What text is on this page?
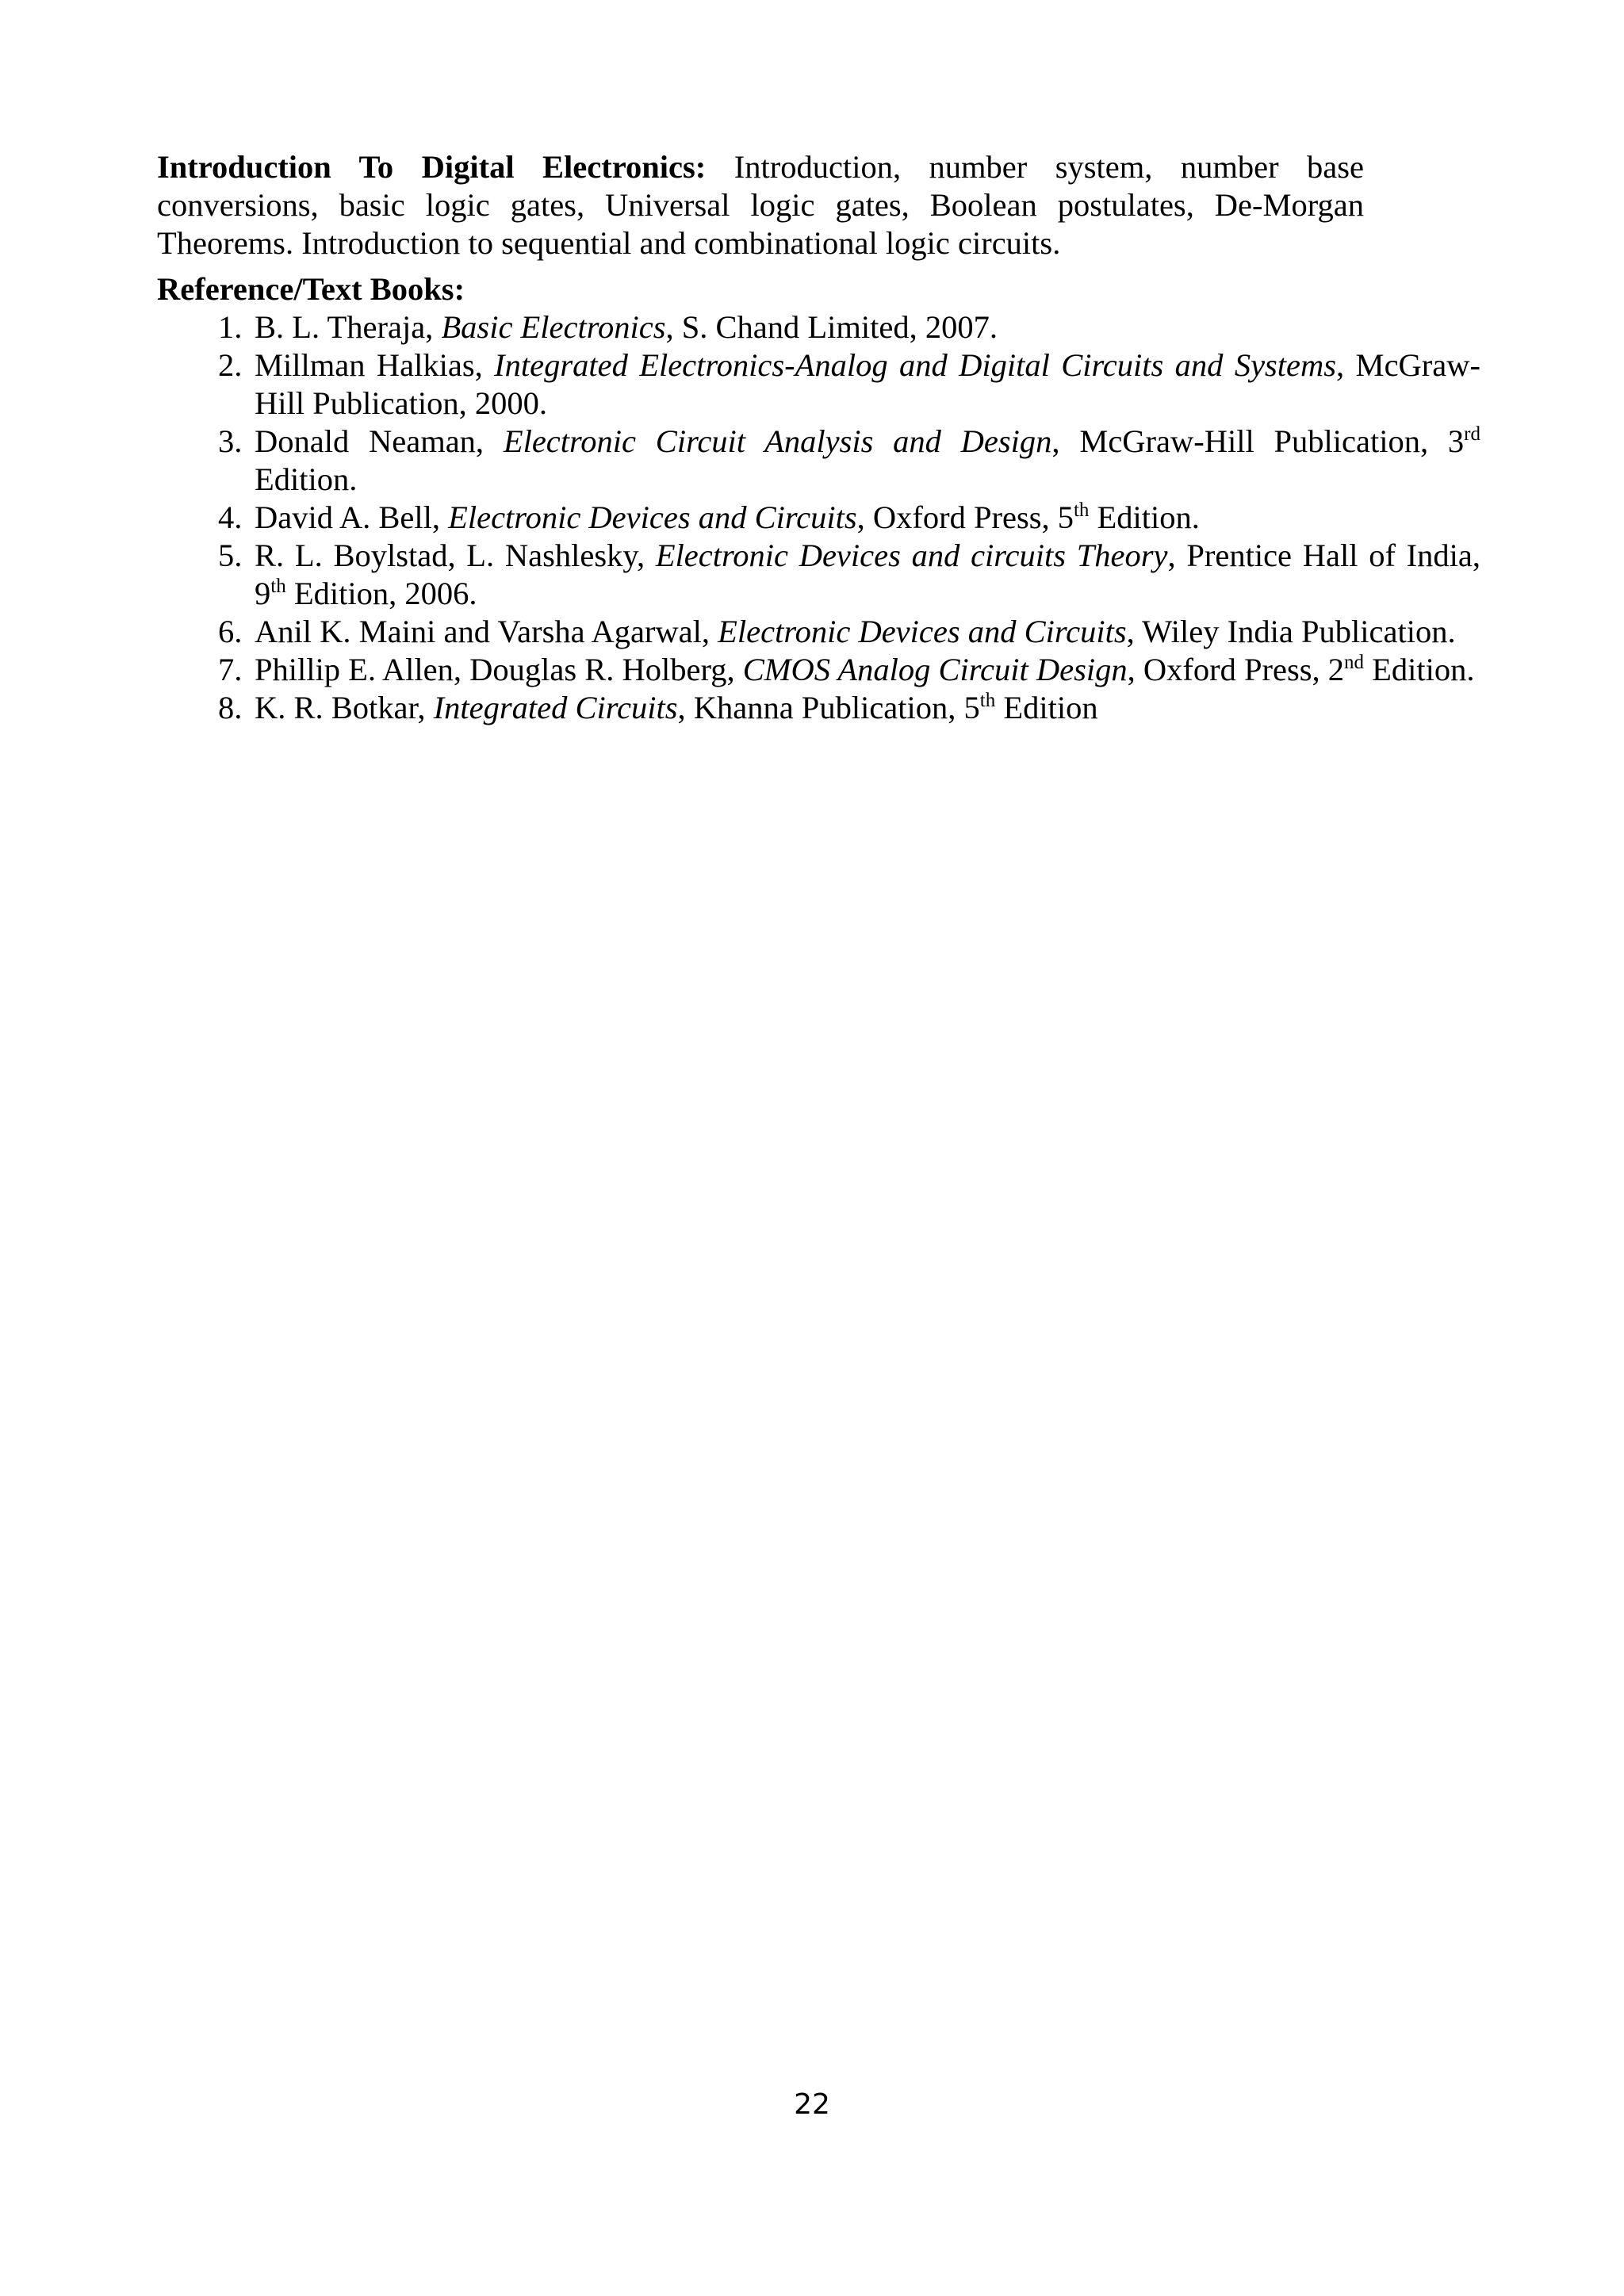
Introduction To Digital Electronics: Introduction, number system, number base conversions, basic logic gates, Universal logic gates, Boolean postulates, De-Morgan Theorems. Introduction to sequential and combinational logic circuits.

Reference/Text Books:
1. B. L. Theraja, Basic Electronics, S. Chand Limited, 2007.
2. Millman Halkias, Integrated Electronics-Analog and Digital Circuits and Systems, McGraw-Hill Publication, 2000.
3. Donald Neaman, Electronic Circuit Analysis and Design, McGraw-Hill Publication, 3rd Edition.
4. David A. Bell, Electronic Devices and Circuits, Oxford Press, 5th Edition.
5. R. L. Boylstad, L. Nashlesky, Electronic Devices and circuits Theory, Prentice Hall of India, 9th Edition, 2006.
6. Anil K. Maini and Varsha Agarwal, Electronic Devices and Circuits, Wiley India Publication.
7. Phillip E. Allen, Douglas R. Holberg, CMOS Analog Circuit Design, Oxford Press, 2nd Edition.
8. K. R. Botkar, Integrated Circuits, Khanna Publication, 5th Edition
22
